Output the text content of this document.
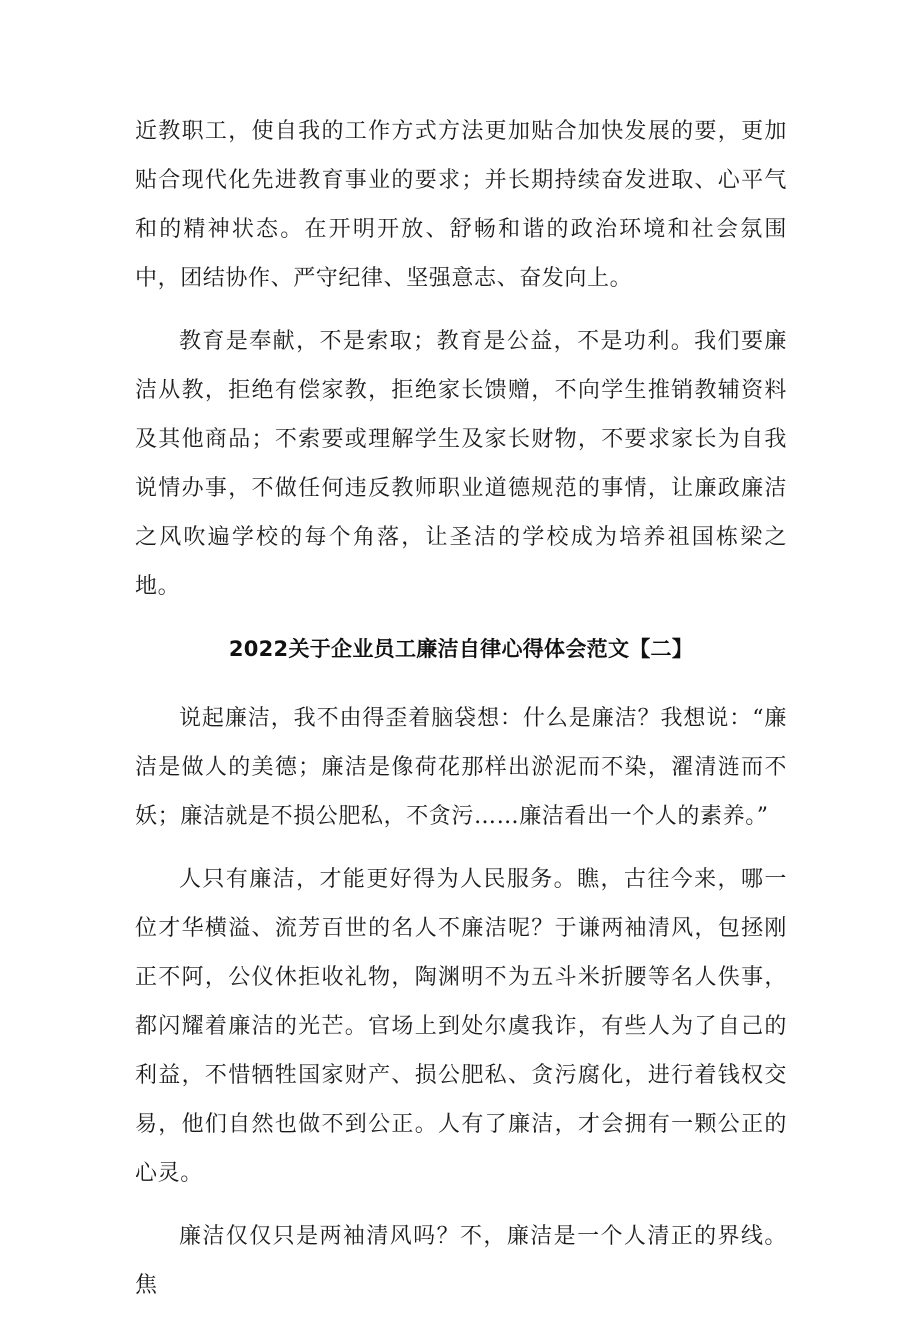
近教职工，使自我的工作方式方法更加贴合加快发展的要，更加贴合现代化先进教育事业的要求；并长期持续奋发进取、心平气和的精神状态。在开明开放、舒畅和谐的政治环境和社会氛围中，团结协作、严守纪律、坚强意志、奋发向上。

教育是奉献，不是索取；教育是公益，不是功利。我们要廉洁从教，拒绝有偿家教，拒绝家长馈赠，不向学生推销教辅资料及其他商品；不索要或理解学生及家长财物，不要求家长为自我说情办事，不做任何违反教师职业道德规范的事情，让廉政廉洁之风吹遍学校的每个角落，让圣洁的学校成为培养祖国栋梁之地。

2022关于企业员工廉洁自律心得体会范文【二】

说起廉洁，我不由得歪着脑袋想：什么是廉洁？我想说：“廉洁是做人的美德；廉洁是像荷花那样出淤泥而不染，濯清涟而不妖；廉洁就是不损公肥私，不贪污……廉洁看出一个人的素养。”

人只有廉洁，才能更好得为人民服务。瞧，古往今来，哪一位才华横溢、流芳百世的名人不廉洁呢？于谦两袖清风，包拯刚正不阿，公仪休拒收礼物，陶渊明不为五斗米折腰等名人佚事，都闪耀着廉洁的光芒。官场上到处尔虞我诈，有些人为了自己的利益，不惜牺牲国家财产、损公肥私、贪污腐化，进行着钱权交易，他们自然也做不到公正。人有了廉洁，才会拥有一颗公正的心灵。

廉洁仅仅只是两袖清风吗？不，廉洁是一个人清正的界线。焦
